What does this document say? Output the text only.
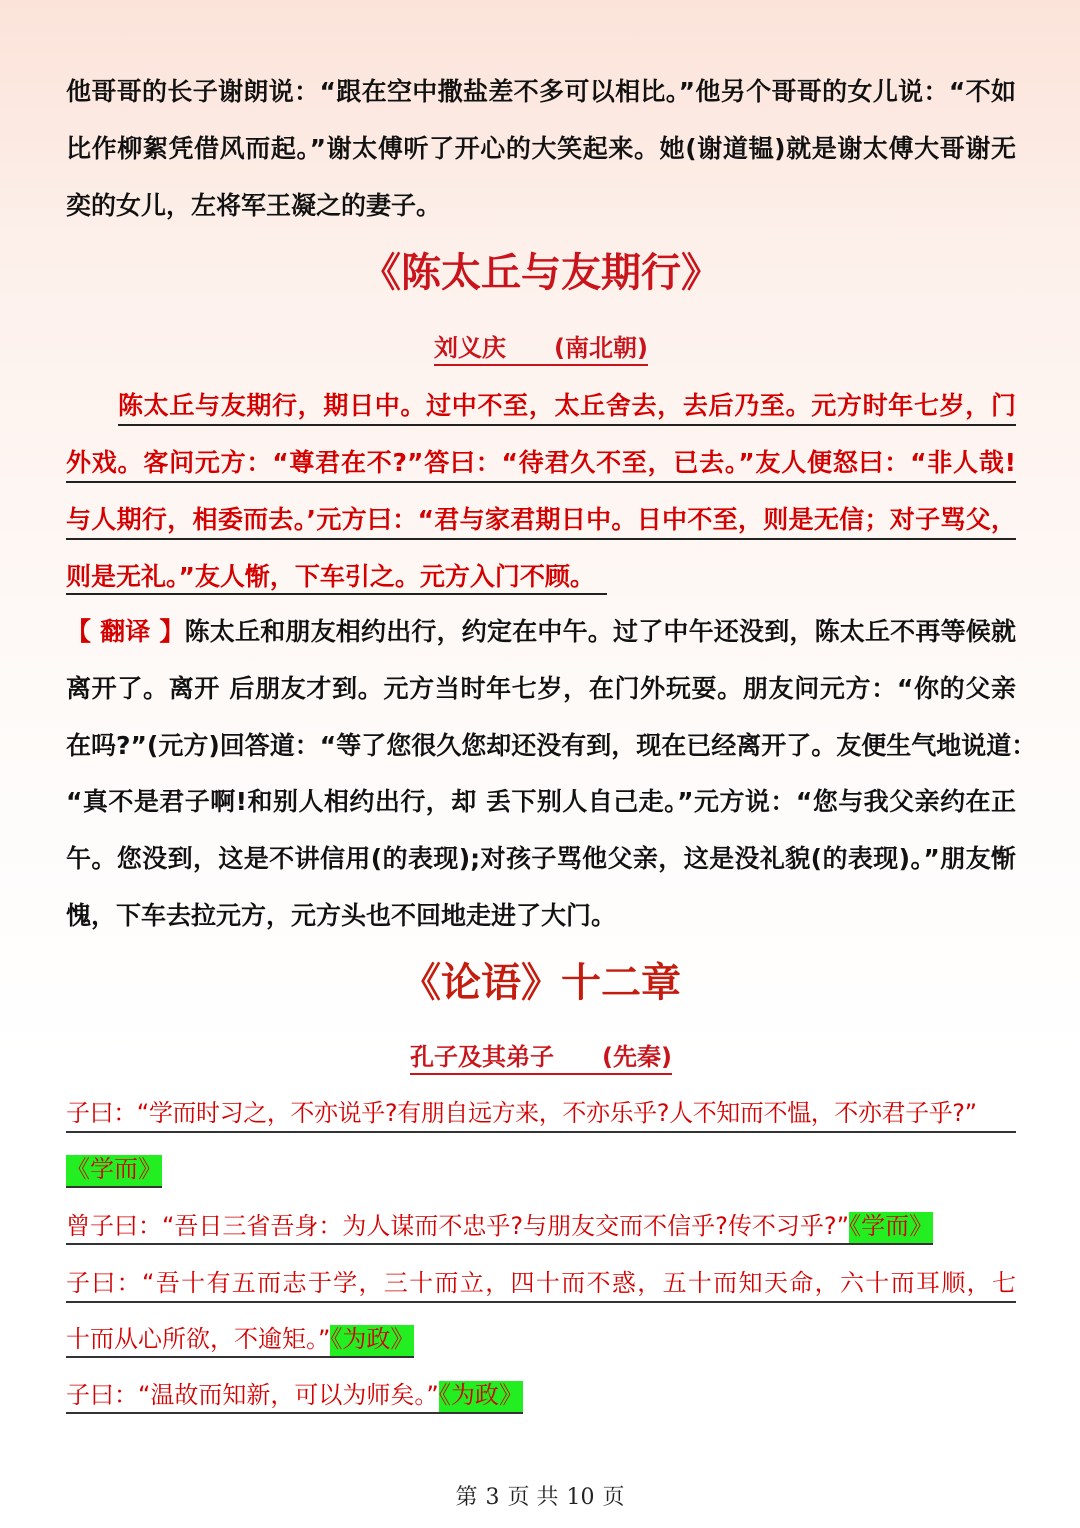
他哥哥的长子谢朗说：“跟在空中撒盐差不多可以相比。”他另个哥哥的女儿说：“不如
比作柳絮凭借风而起。”谢太傅听了开心的大笑起来。她(谢道韫)就是谢太傅大哥谢无
奕的女儿，左将军王凝之的妻子。
《陈太丘与友期行》
刘义庆　　(南北朝)
陈太丘与友期行，期日中。过中不至，太丘舍去，去后乃至。元方时年七岁，门
外戏。客问元方：“尊君在不?”答曰：“待君久不至，已去。”友人便怒曰：“非人哉!
与人期行，相委而去。’元方曰：“君与家君期日中。日中不至，则是无信；对子骂父，
则是无礼。”友人惭，下车引之。元方入门不顾。
【 翻译 】陈太丘和朋友相约出行，约定在中午。过了中午还没到，陈太丘不再等候就
离开了。离开 后朋友才到。元方当时年七岁，在门外玩耍。朋友问元方：“你的父亲
在吗?”(元方)回答道：“等了您很久您却还没有到，现在已经离开了。友便生气地说道：
“真不是君子啊!和别人相约出行，却 丢下别人自己走。”元方说：“您与我父亲约在正
午。您没到，这是不讲信用(的表现);对孩子骂他父亲，这是没礼貌(的表现)。”朋友惭
愧，下车去拉元方，元方头也不回地走进了大门。
《论语》十二章
孔子及其弟子　　(先秦)
子曰：“学而时习之，不亦说乎?有朋自远方来，不亦乐乎?人不知而不愠，不亦君子乎?”
《学而》
曾子曰：“吾日三省吾身：为人谋而不忠乎?与朋友交而不信乎?传不习乎?”《学而》
子曰：“吾十有五而志于学，三十而立，四十而不惑，五十而知天命，六十而耳顺，七
十而从心所欲，不逾矩。”《为政》
子曰：“温故而知新，可以为师矣。”《为政》
第 3 页 共 10 页
